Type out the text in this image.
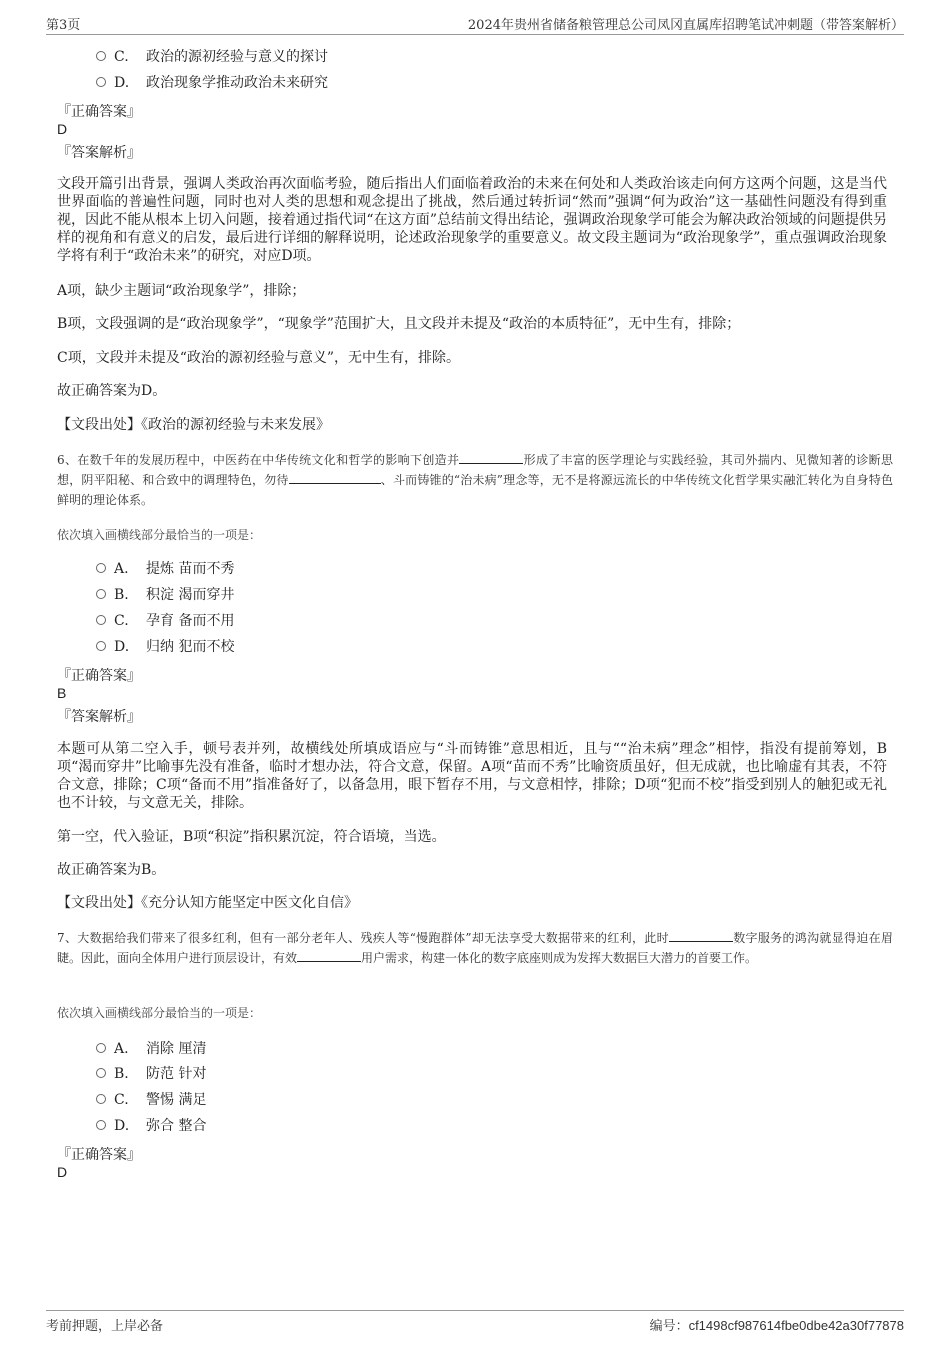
第3页	2024年贵州省储备粮管理总公司凤冈直属库招聘笔试冲刺题（带答案解析）
C. 政治的源初经验与意义的探讨
D. 政治现象学推动政治未来研究
『正确答案』
D
『答案解析』
文段开篇引出背景，强调人类政治再次面临考验，随后指出人们面临着政治的未来在何处和人类政治该走向何方这两个问题，这是当代世界面临的普遍性问题，同时也对人类的思想和观念提出了挑战，然后通过转折词“然而”强调“何为政治”这一基础性问题没有得到重视，因此不能从根本上切入问题，接着通过指代词“在这方面”总结前文得出结论，强调政治现象学可能会为解决政治领域的问题提供另样的视角和有意义的启发，最后进行详细的解释说明，论述政治现象学的重要意义。故文段主题词为“政治现象学”，重点强调政治现象学将有利于“政治未来”的研究，对应D项。
A项，缺少主题词“政治现象学”，排除；
B项，文段强调的是“政治现象学”，“现象学”范围扩大，且文段并未提及“政治的本质特征”，无中生有，排除；
C项，文段并未提及“政治的源初经验与意义”，无中生有，排除。
故正确答案为D。
【文段出处】《政治的源初经验与未来发展》
6、在数千年的发展历程中，中医药在中华传统文化和哲学的影响下创造并	形成了丰富的医学理论与实践经验，其司外揣内、见微知著的诊断思想，阴平阳秘、和合致中的调理特色，勿待	、斗而铸锥的“治未病”理念等，无不是将源远流长的中华传统文化哲学果实融汇转化为自身特色鲜明的理论体系。
依次填入画横线部分最恰当的一项是：
A. 提炼 苗而不秀
B. 积淀 渴而穿井
C. 孕育 备而不用
D. 归纳 犯而不校
『正确答案』
B
『答案解析』
本题可从第二空入手，顿号表并列，故横线处所填成语应与“斗而铸锥”意思相近，且与““治未病”理念”相悖，指没有提前筹划，B项“渴而穿井”比喻事先没有准备，临时才想办法，符合文意，保留。A项“苗而不秀”比喻资质虽好，但无成就，也比喻虚有其表，不符合文意，排除；C项“备而不用”指准备好了，以备急用，眼下暂存不用，与文意相悖，排除；D项“犯而不校”指受到别人的触犯或无礼也不计较，与文意无关，排除。
第一空，代入验证，B项“积淀”指积累沉淀，符合语境，当选。
故正确答案为B。
【文段出处】《充分认知方能坚定中医文化自信》
7、大数据给我们带来了很多红利，但有一部分老年人、残疾人等“慢跑群体”却无法享受大数据带来的红利，此时	数字服务的鸿沟就显得迫在眉睫。因此，面向全体用户进行顶层设计，有效	用户需求，构建一体化的数字底座则成为发挥大数据巨大潜力的首要工作。
依次填入画横线部分最恰当的一项是：
A. 消除 厘清
B. 防范 针对
C. 警惕 满足
D. 弥合 整合
『正确答案』
D
考前押题，上岸必备	编号：cf1498cf987614fbe0dbe42a30f77878
